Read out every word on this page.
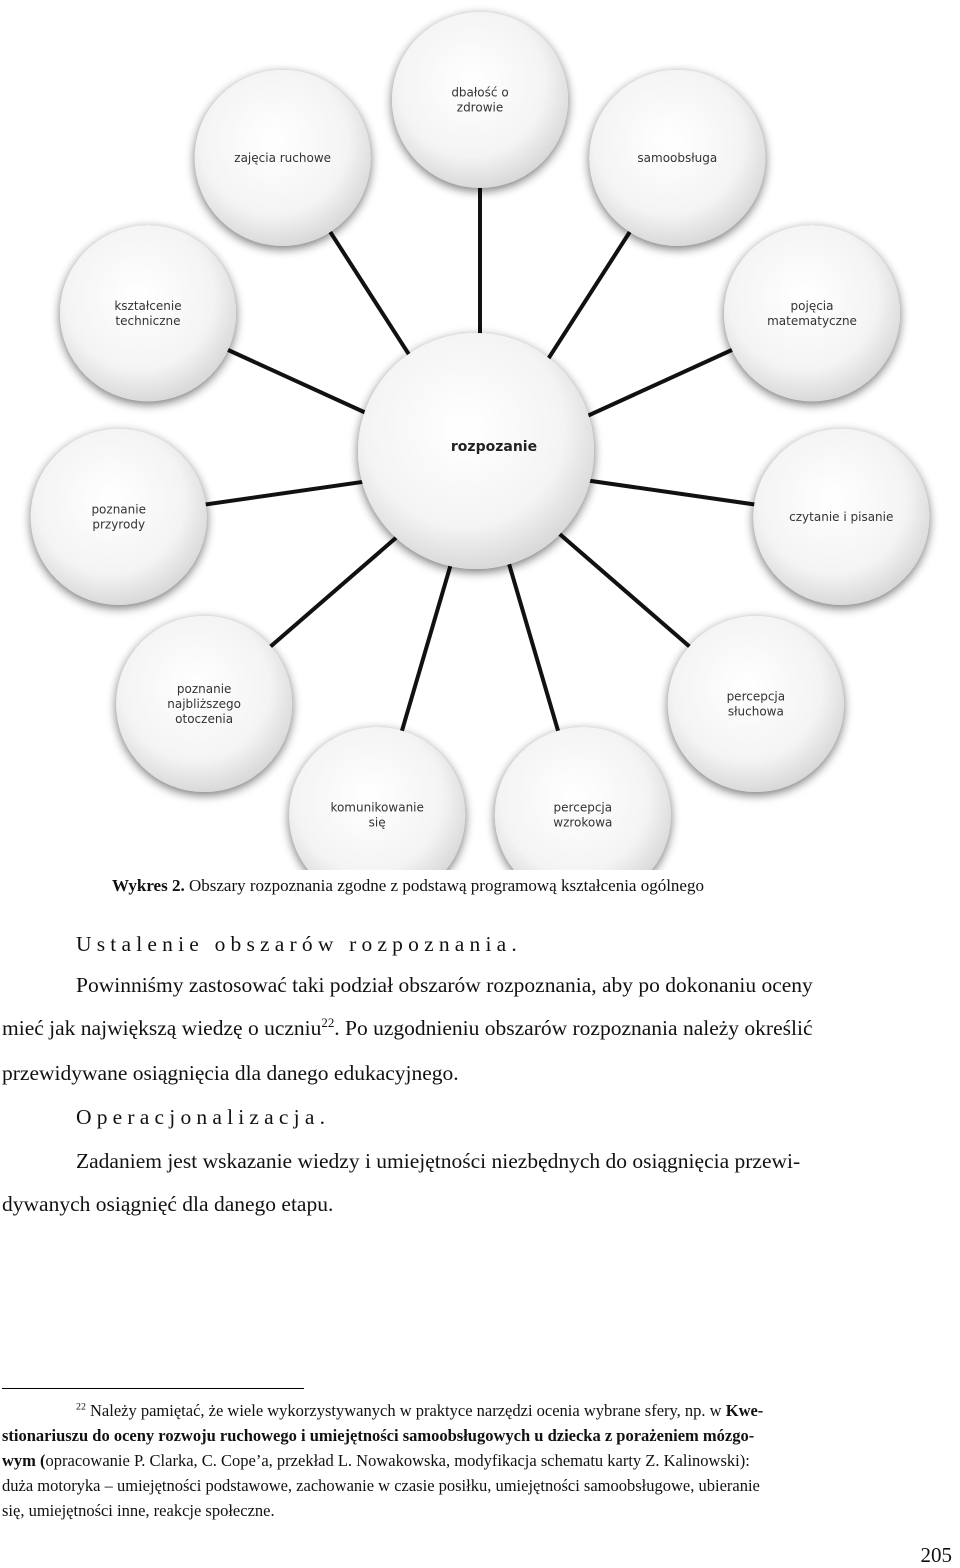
dbałość o
zdrowie
samoobsługa
pojęcia
matematyczne
czytanie i pisanie
percepcja
słuchowa
percepcja
wzrokowa
komunikowanie
się
poznanie
najbliższego
otoczenia
poznanie
przyrody
kształcenie
techniczne
zajęcia ruchowe
rozpozanie
Wykres 2. Obszary rozpoznania zgodne z podstawą programową kształcenia ogólnego
Ustalenie obszarów rozpoznania.
Powinniśmy zastosować taki podział obszarów rozpoznania, aby po dokonaniu oceny
mieć jak największą wiedzę o uczniu$^{22}$. Po uzgodnieniu obszarów rozpoznania należy określić
przewidywane osiągnięcia dla danego edukacyjnego.
Operacjonalizacja.
Zadaniem jest wskazanie wiedzy i umiejętności niezbędnych do osiągnięcia przewi-
dywanych osiągnięć dla danego etapu.
$^{22}$ Należy pamiętać, że wiele wykorzystywanych w praktyce narzędzi ocenia wybrane sfery, np. w Kwe-
stionariuszu do oceny rozwoju ruchowego i umiejętności samoobsługowych u dziecka z porażeniem mózgo-
wym (opracowanie P. Clarka, C. Cope’a, przekład L. Nowakowska, modyfikacja schematu karty Z. Kalinowski):
duża motoryka – umiejętności podstawowe, zachowanie w czasie posiłku, umiejętności samoobsługowe, ubieranie
się, umiejętności inne, reakcje społeczne.
205
